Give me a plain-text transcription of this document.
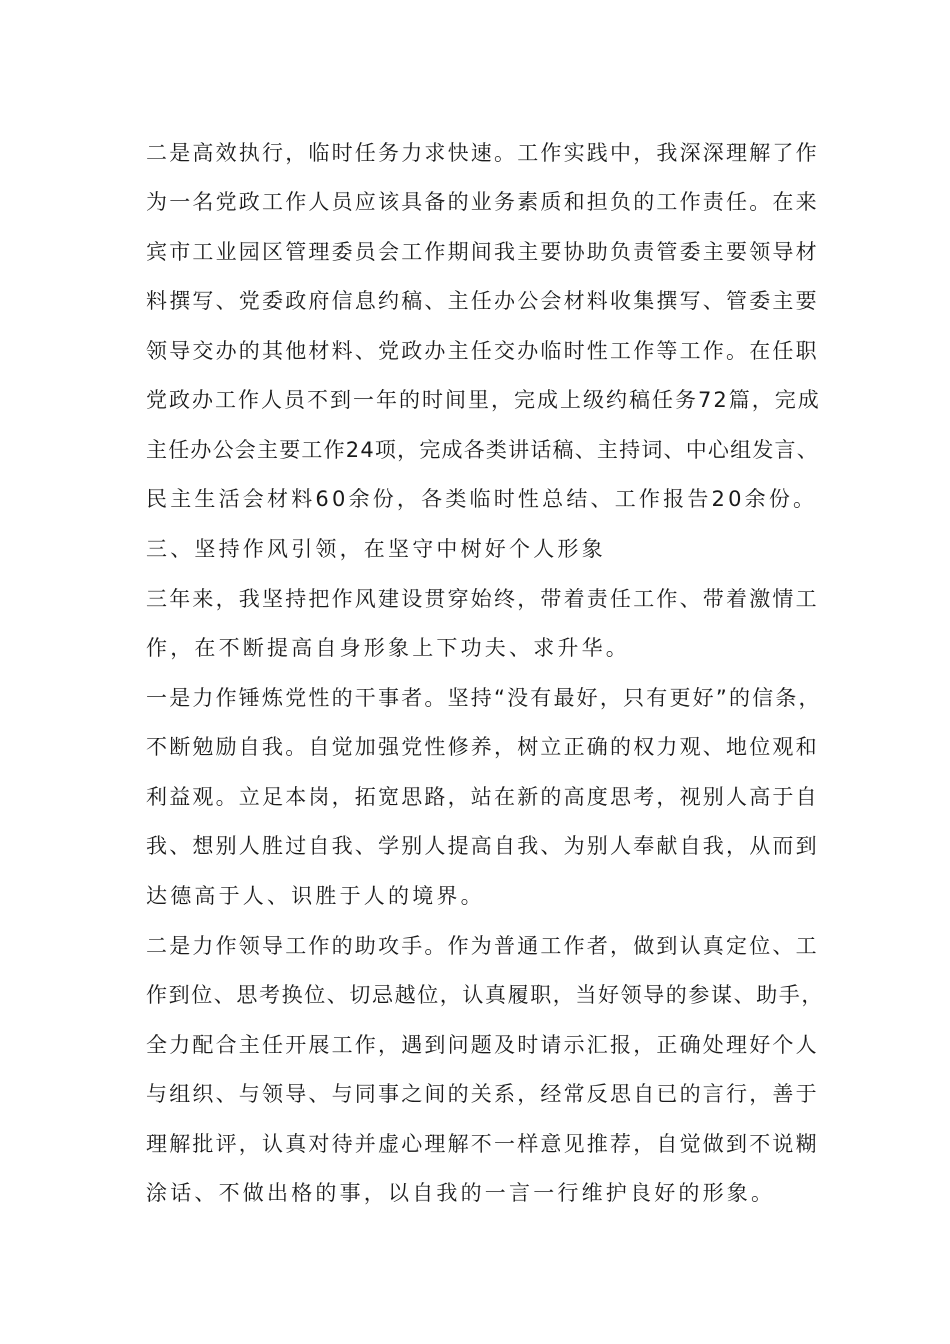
二是高效执行，临时任务力求快速。工作实践中，我深深理解了作
为一名党政工作人员应该具备的业务素质和担负的工作责任。在来
宾市工业园区管理委员会工作期间我主要协助负责管委主要领导材
料撰写、党委政府信息约稿、主任办公会材料收集撰写、管委主要
领导交办的其他材料、党政办主任交办临时性工作等工作。在任职
党政办工作人员不到一年的时间里，完成上级约稿任务72篇，完成
主任办公会主要工作24项，完成各类讲话稿、主持词、中心组发言、
民主生活会材料60余份，各类临时性总结、工作报告20余份。
三、坚持作风引领，在坚守中树好个人形象
三年来，我坚持把作风建设贯穿始终，带着责任工作、带着激情工
作，在不断提高自身形象上下功夫、求升华。
一是力作锤炼党性的干事者。坚持“没有最好，只有更好”的信条，
不断勉励自我。自觉加强党性修养，树立正确的权力观、地位观和
利益观。立足本岗，拓宽思路，站在新的高度思考，视别人高于自
我、想别人胜过自我、学别人提高自我、为别人奉献自我，从而到
达德高于人、识胜于人的境界。
二是力作领导工作的助攻手。作为普通工作者，做到认真定位、工
作到位、思考换位、切忌越位，认真履职，当好领导的参谋、助手，
全力配合主任开展工作，遇到问题及时请示汇报，正确处理好个人
与组织、与领导、与同事之间的关系，经常反思自已的言行，善于
理解批评，认真对待并虚心理解不一样意见推荐，自觉做到不说糊
涂话、不做出格的事，以自我的一言一行维护良好的形象。
